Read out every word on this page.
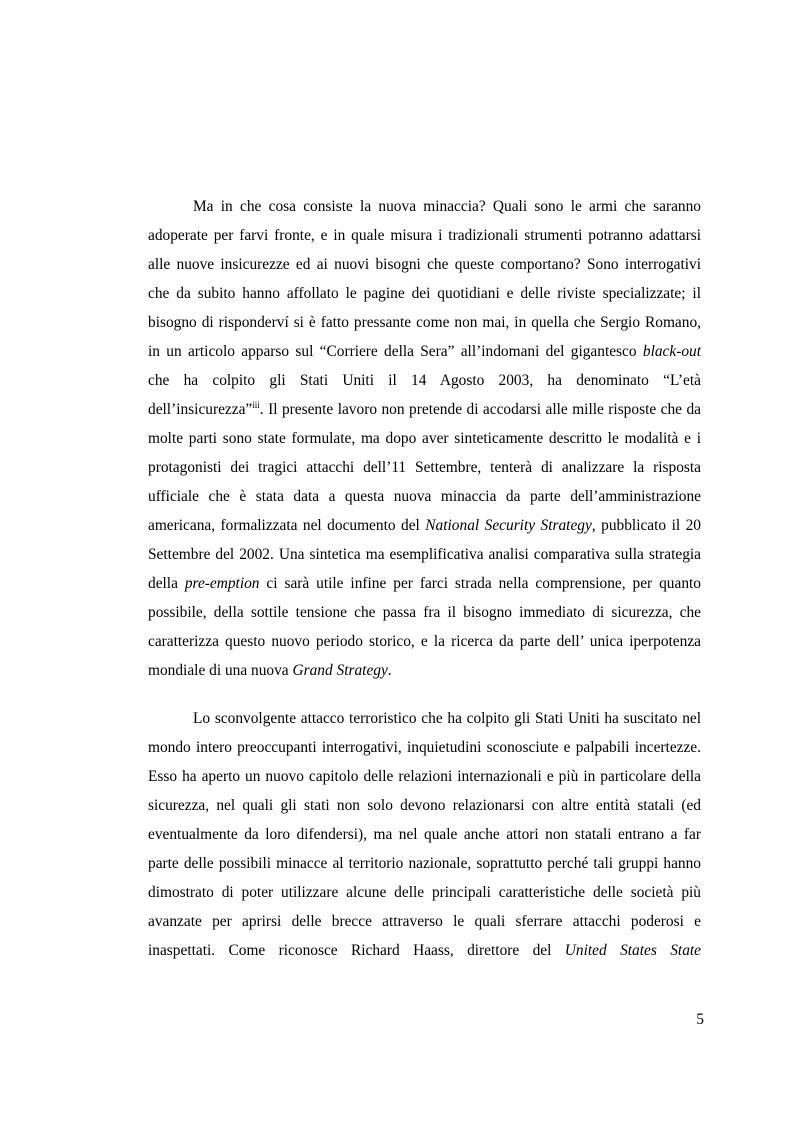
Ma in che cosa consiste la nuova minaccia? Quali sono le armi che saranno
adoperate per farvi fronte, e in quale misura i tradizionali strumenti potranno adattarsi
alle nuove insicurezze ed ai nuovi bisogni che queste comportano? Sono interrogativi
che da subito hanno affollato le pagine dei quotidiani e delle riviste specializzate; il
bisogno di risponderví si è fatto pressante come non mai, in quella che Sergio Romano,
in un articolo apparso sul “Corriere della Sera” all’indomani del gigantesco black-out
che ha colpito gli Stati Uniti il 14 Agosto 2003, ha denominato “L’età
dell’insicurezza”$^{iii}$. Il presente lavoro non pretende di accodarsi alle mille risposte che da
molte parti sono state formulate, ma dopo aver sinteticamente descritto le modalità e i
protagonisti dei tragici attacchi dell’11 Settembre, tenterà di analizzare la risposta
ufficiale che è stata data a questa nuova minaccia da parte dell’amministrazione
americana, formalizzata nel documento del National Security Strategy, pubblicato il 20
Settembre del 2002. Una sintetica ma esemplificativa analisi comparativa sulla strategia
della pre-emption ci sarà utile infine per farci strada nella comprensione, per quanto
possibile, della sottile tensione che passa fra il bisogno immediato di sicurezza, che
caratterizza questo nuovo periodo storico, e la ricerca da parte dell’ unica iperpotenza
mondiale di una nuova Grand Strategy.
Lo sconvolgente attacco terroristico che ha colpito gli Stati Uniti ha suscitato nel
mondo intero preoccupanti interrogativi, inquietudini sconosciute e palpabili incertezze.
Esso ha aperto un nuovo capitolo delle relazioni internazionali e più in particolare della
sicurezza, nel quali gli stati non solo devono relazionarsi con altre entità statali (ed
eventualmente da loro difendersi), ma nel quale anche attori non statali entrano a far
parte delle possibili minacce al territorio nazionale, soprattutto perché tali gruppi hanno
dimostrato di poter utilizzare alcune delle principali caratteristiche delle società più
avanzate per aprirsi delle brecce attraverso le quali sferrare attacchi poderosi e
inaspettati. Come riconosce Richard Haass, direttore del United States State
5
